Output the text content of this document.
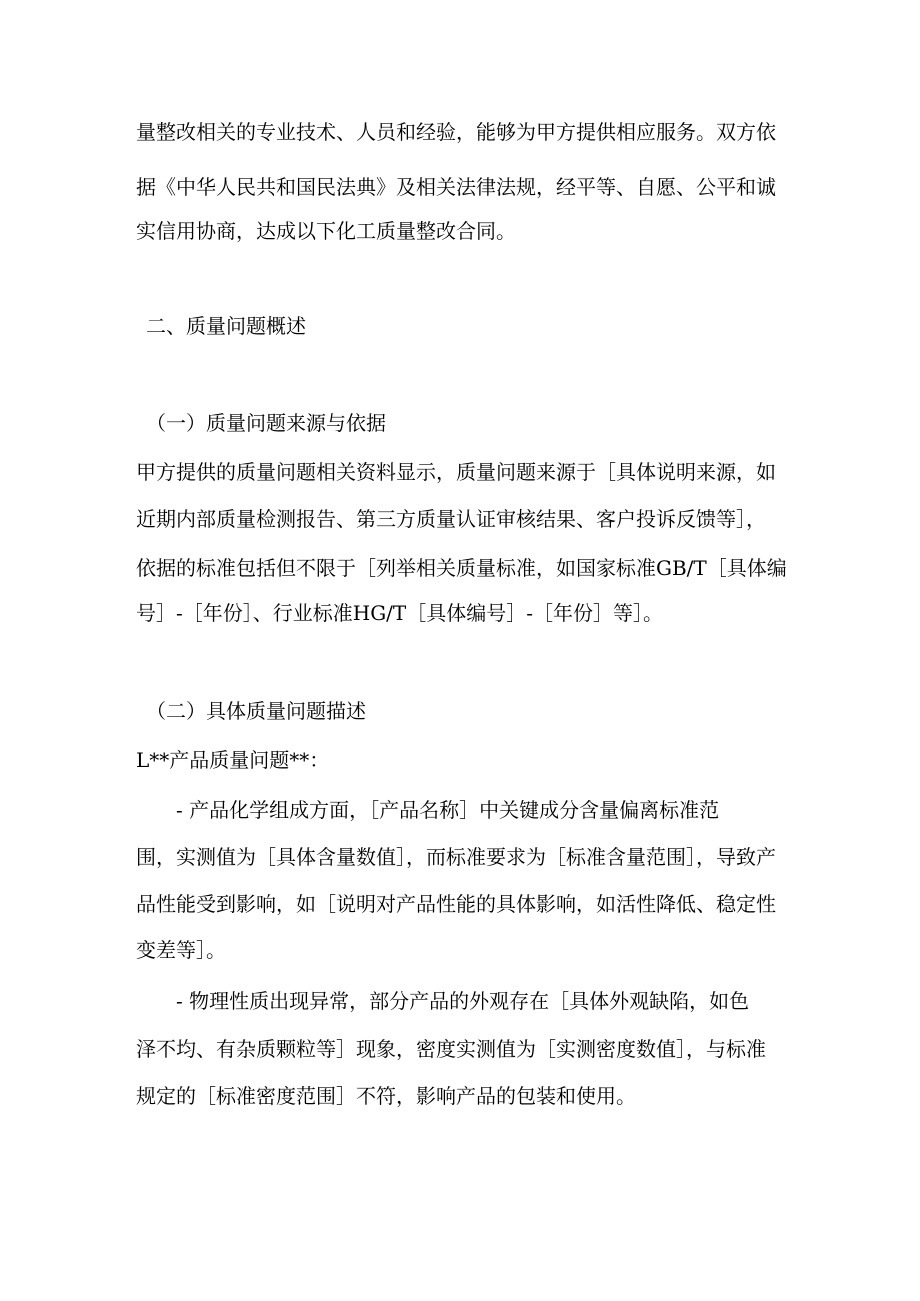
量整改相关的专业技术、人员和经验，能够为甲方提供相应服务。双方依
据《中华人民共和国民法典》及相关法律法规，经平等、自愿、公平和诚
实信用协商，达成以下化工质量整改合同。
二、质量问题概述
（一）质量问题来源与依据
甲方提供的质量问题相关资料显示，质量问题来源于［具体说明来源，如
近期内部质量检测报告、第三方质量认证审核结果、客户投诉反馈等］，
依据的标准包括但不限于［列举相关质量标准，如国家标准GB/T［具体编
号］-［年份］、行业标准HG/T［具体编号］-［年份］等］。
（二）具体质量问题描述
L**产品质量问题**：
- 产品化学组成方面，［产品名称］中关键成分含量偏离标准范
围，实测值为［具体含量数值］，而标准要求为［标准含量范围］，导致产
品性能受到影响，如［说明对产品性能的具体影响，如活性降低、稳定性
变差等］。
- 物理性质出现异常，部分产品的外观存在［具体外观缺陷，如色
泽不均、有杂质颗粒等］现象，密度实测值为［实测密度数值］，与标准
规定的［标准密度范围］不符，影响产品的包装和使用。
